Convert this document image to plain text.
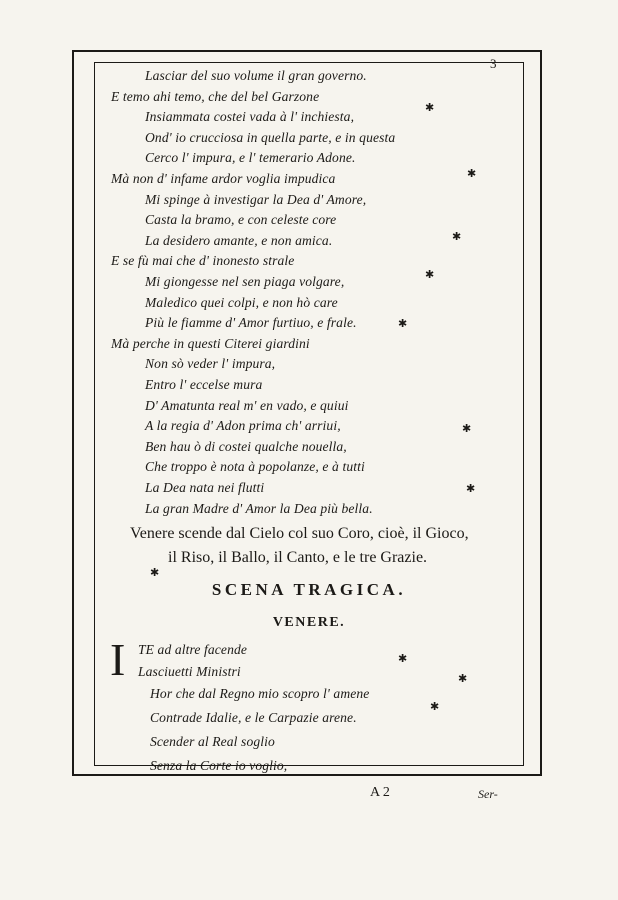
3
Lasciar del suo volume il gran governo.
E temo ahi temo, che del bel Garzone
Insiammata costei vada à l' inchiesta,
Ond' io crucciosa in quella parte, e in questa
Cerco l' impura, e l' temerario Adone.
Mà non d' infame ardor voglia impudica
Mi spinge à investigar la Dea d' Amore,
Casta la bramo, e con celeste core
La desidero amante, e non amica.
E se fù mai che d' inonesto strale
Mi giongesse nel sen piaga volgare,
Maledico quei colpi, e non hò care
Più le fiamme d' Amor furtiuo, e frale.
Mà perche in questi Citerei giardini
Non sò veder l' impura,
Entro l' eccelse mura
D' Amatunta real m' en vado, e quiui
A la regia d' Adon prima ch' arriui,
Ben hau ò di costei qualche nouella,
Che troppo è nota à popolanze, e à tutti
La Dea nata nei flutti
La gran Madre d' Amor la Dea più bella.
SCENA TRAGICA.
VENERE.
I TE ad altre facende
Lasciuetti Ministri
Hor che dal Regno mio scopro l' amene
Contrade Idalie, e le Carpazie arene.
Scender al Real soglio
Senza la Corte io voglio,
A 2	Ser-
✱
✱
✱
✱
✱
✱
✱
✱
✱
✱
✱
Venere scende dal Cielo col suo Coro, cioè, il Gioco,
il Riso, il Ballo, il Canto, e le tre Grazie.
